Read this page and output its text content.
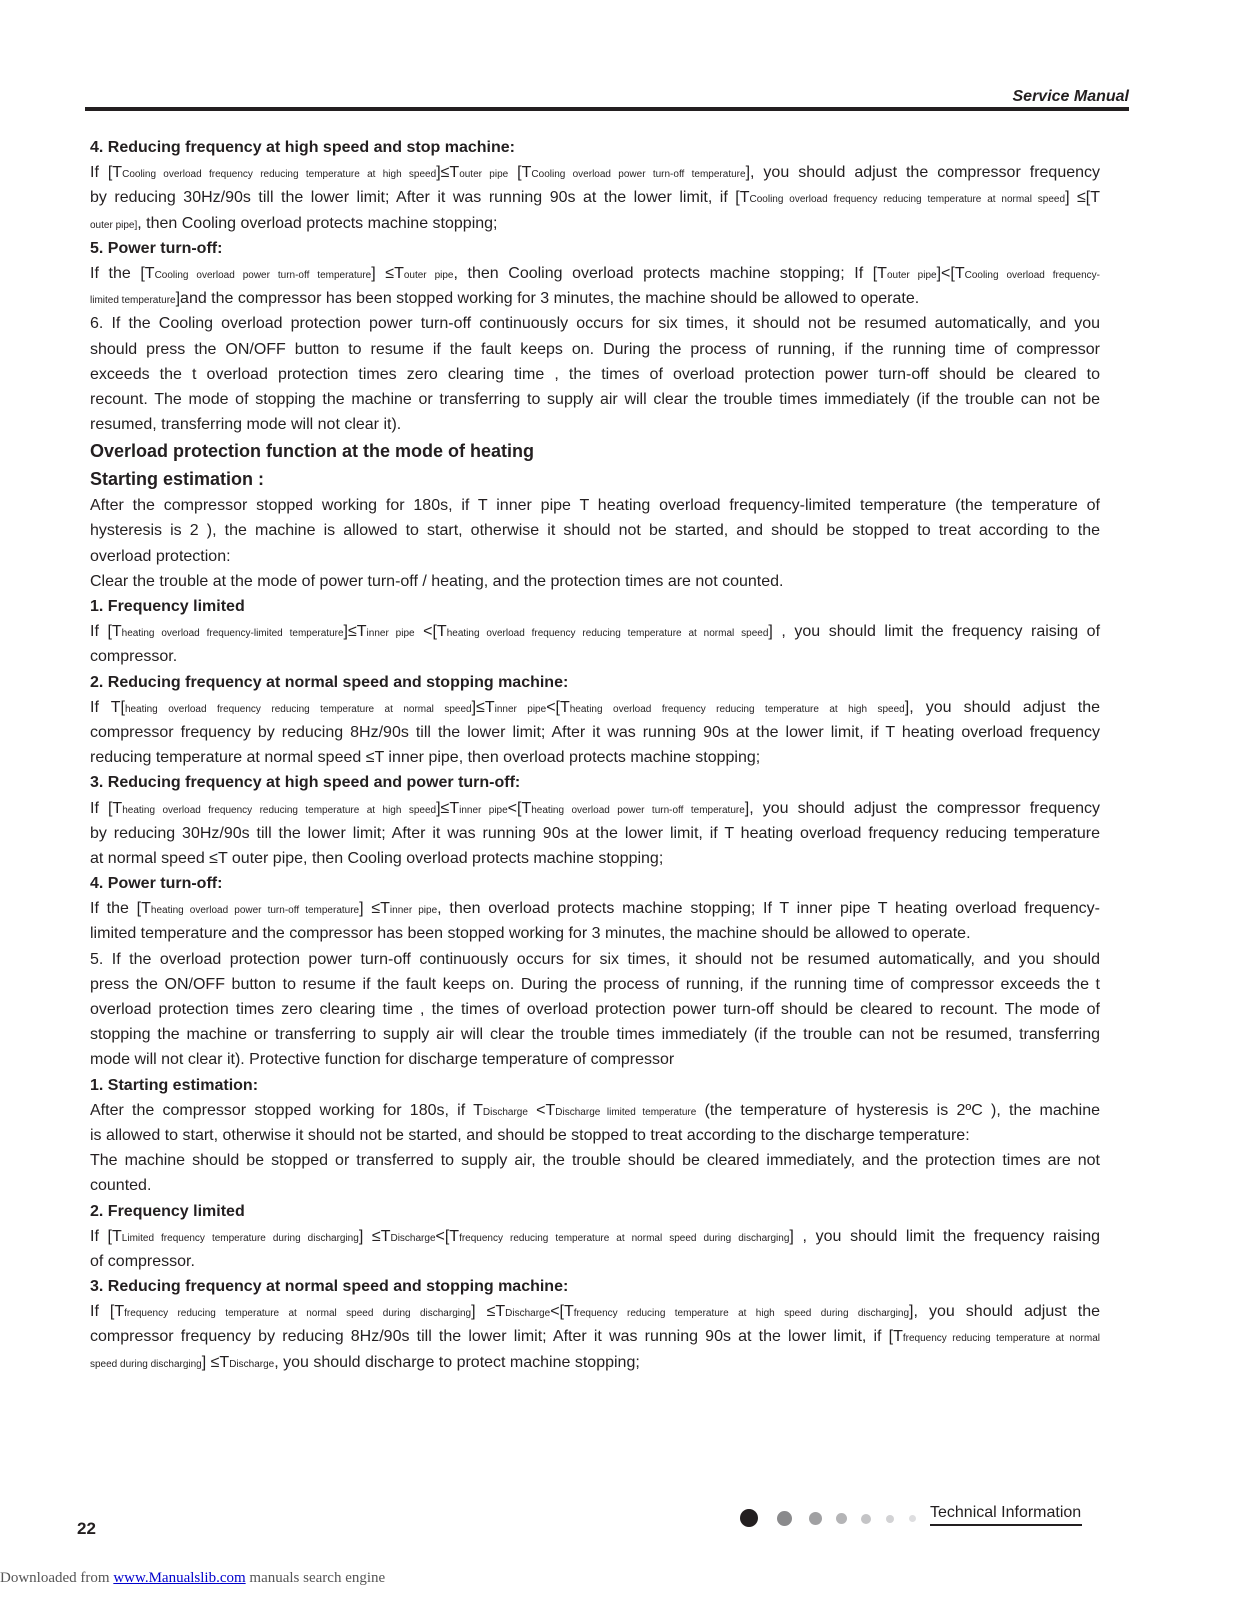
Service Manual
4. Reducing frequency at high speed and stop machine:
If [TCooling overload frequency reducing temperature at high speed]≤Touter pipe [TCooling overload power turn-off temperature], you should adjust the compressor frequency
by reducing 30Hz/90s till the lower limit; After it was running 90s at the lower limit, if [TCooling overload frequency reducing temperature at normal speed] ≤[T
outer pipe], then Cooling overload protects machine stopping;
5. Power turn-off:
If the [TCooling overload power turn-off temperature] ≤Touter pipe, then Cooling overload protects machine stopping; If [Touter pipe]<[TCooling overload frequency-
limited temperature]and the compressor has been stopped working for 3 minutes, the machine should be allowed to operate.
6. If the Cooling overload protection power turn-off continuously occurs for six times, it should not be resumed automatically, and you
should press the ON/OFF button to resume if the fault keeps on. During the process of running, if the running time of compressor
exceeds the t overload protection times zero clearing time , the times of overload protection power turn-off should be cleared to
recount. The mode of stopping the machine or transferring to supply air will clear the trouble times immediately (if the trouble can not be
resumed, transferring mode will not clear it).
Overload protection function at the mode of heating
Starting estimation :
After the compressor stopped working for 180s, if T inner pipe T heating overload frequency-limited temperature (the temperature of
hysteresis is 2 ), the machine is allowed to start, otherwise it should not be started, and should be stopped to treat according to the
overload protection:
Clear the trouble at the mode of power turn-off / heating, and the protection times are not counted.
1. Frequency limited
If [Theating overload frequency-limited temperature]≤Tinner pipe <[Theating overload frequency reducing temperature at normal speed] , you should limit the frequency raising of
compressor.
2. Reducing frequency at normal speed and stopping machine:
If T[heating overload frequency reducing temperature at normal speed]≤Tinner pipe<[Theating overload frequency reducing temperature at high speed], you should adjust the
compressor frequency by reducing 8Hz/90s till the lower limit; After it was running 90s at the lower limit, if T heating overload frequency
reducing temperature at normal speed ≤T inner pipe, then overload protects machine stopping;
3. Reducing frequency at high speed and power turn-off:
If [Theating overload frequency reducing temperature at high speed]≤Tinner pipe<[Theating overload power turn-off temperature], you should adjust the compressor frequency
by reducing 30Hz/90s till the lower limit; After it was running 90s at the lower limit, if T heating overload frequency reducing temperature
at normal speed ≤T outer pipe, then Cooling overload protects machine stopping;
4. Power turn-off:
If the [Theating overload power turn-off temperature] ≤Tinner pipe, then overload protects machine stopping; If T inner pipe T heating overload frequency-
limited temperature and the compressor has been stopped working for 3 minutes, the machine should be allowed to operate.
5. If the overload protection power turn-off continuously occurs for six times, it should not be resumed automatically, and you should
press the ON/OFF button to resume if the fault keeps on. During the process of running, if the running time of compressor exceeds the t
overload protection times zero clearing time , the times of overload protection power turn-off should be cleared to recount. The mode of
stopping the machine or transferring to supply air will clear the trouble times immediately (if the trouble can not be resumed, transferring
mode will not clear it). Protective function for discharge temperature of compressor
1. Starting estimation:
After the compressor stopped working for 180s, if TDischarge <TDischarge limited temperature (the temperature of hysteresis is 2ºC ), the machine
is allowed to start, otherwise it should not be started, and should be stopped to treat according to the discharge temperature:
The machine should be stopped or transferred to supply air, the trouble should be cleared immediately, and the protection times are not
counted.
2. Frequency limited
If [TLimited frequency temperature during discharging] ≤TDischarge<[Tfrequency reducing temperature at normal speed during discharging] , you should limit the frequency raising
of compressor.
3. Reducing frequency at normal speed and stopping machine:
If [Tfrequency reducing temperature at normal speed during discharging] ≤TDischarge<[Tfrequency reducing temperature at high speed during discharging], you should adjust the
compressor frequency by reducing 8Hz/90s till the lower limit; After it was running 90s at the lower limit, if [Tfrequency reducing temperature at normal
speed during discharging] ≤TDischarge, you should discharge to protect machine stopping;
22
Technical Information
Downloaded from www.Manualslib.com manuals search engine
